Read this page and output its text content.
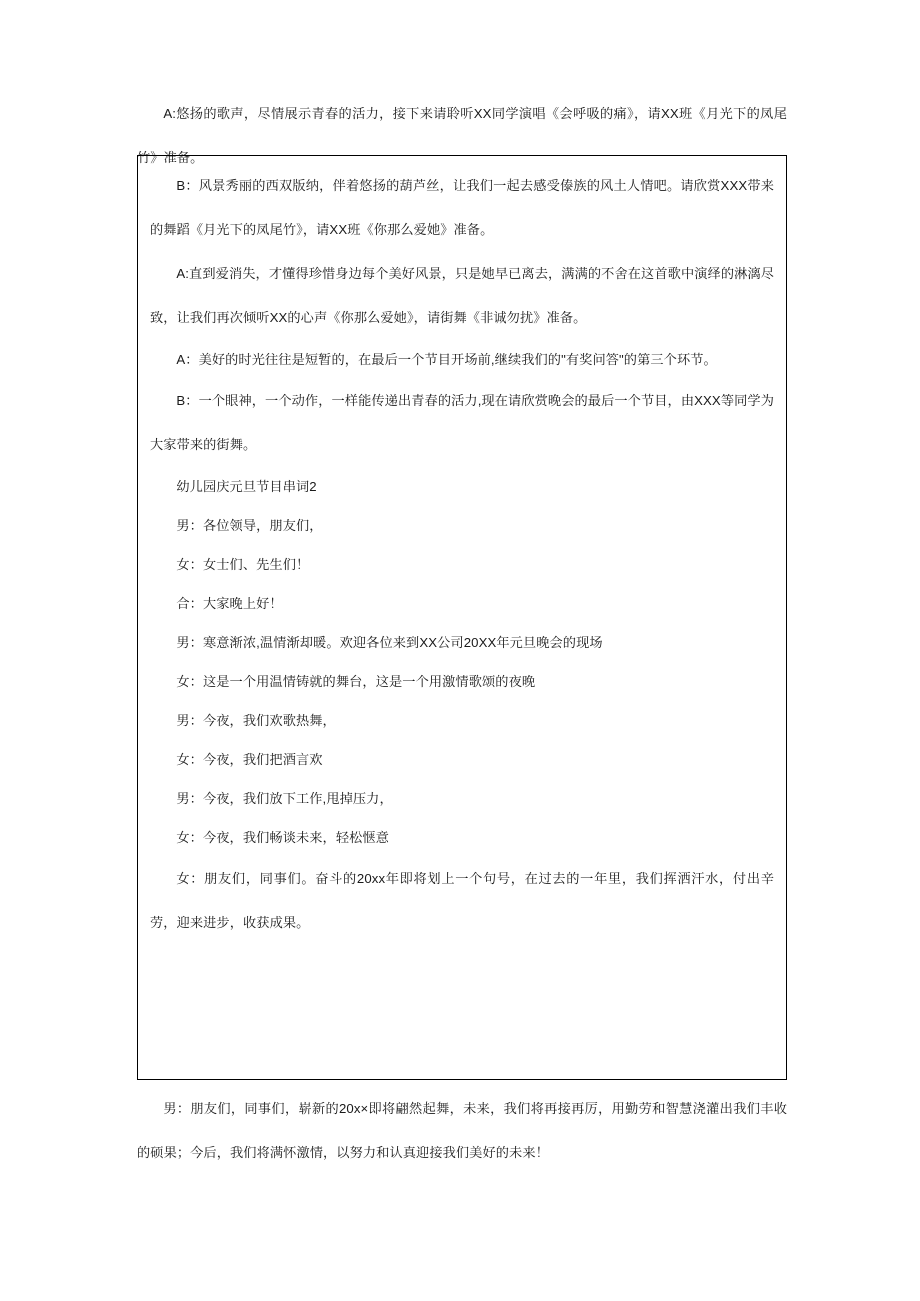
A:悠扬的歌声，尽情展示青春的活力，接下来请聆听XX同学演唱《会呼吸的痛》，请XX班《月光下的凤尾竹》准备。

B：风景秀丽的西双版纳，伴着悠扬的葫芦丝，让我们一起去感受傣族的风土人情吧。请欣赏XXX带来的舞蹈《月光下的凤尾竹》，请XX班《你那么爱她》准备。

A:直到爱消失，才懂得珍惜身边每个美好风景，只是她早已离去，满满的不舍在这首歌中演绎的淋漓尽致，让我们再次倾听XX的心声《你那么爱她》，请街舞《非诚勿扰》准备。

A：美好的时光往往是短暂的，在最后一个节目开场前,继续我们的"有奖问答"的第三个环节。

B：一个眼神，一个动作，一样能传递出青春的活力,现在请欣赏晚会的最后一个节目，由XXX等同学为大家带来的街舞。

幼儿园庆元旦节目串词2

男：各位领导，朋友们，

女：女士们、先生们！

合：大家晚上好！

男：寒意渐浓,温情渐却暖。欢迎各位来到XX公司20XX年元旦晚会的现场

女：这是一个用温情铸就的舞台，这是一个用激情歌颂的夜晚

男：今夜，我们欢歌热舞，

女：今夜，我们把酒言欢

男：今夜，我们放下工作,甩掉压力，

女：今夜，我们畅谈未来，轻松惬意

女：朋友们，同事们。奋斗的20xx年即将划上一个句号，在过去的一年里，我们挥洒汗水，付出辛劳，迎来进步，收获成果。

男：朋友们，同事们，崭新的20x×即将翩然起舞，未来，我们将再接再厉，用勤劳和智慧浇灌出我们丰收的硕果；今后，我们将满怀激情，以努力和认真迎接我们美好的未来！
